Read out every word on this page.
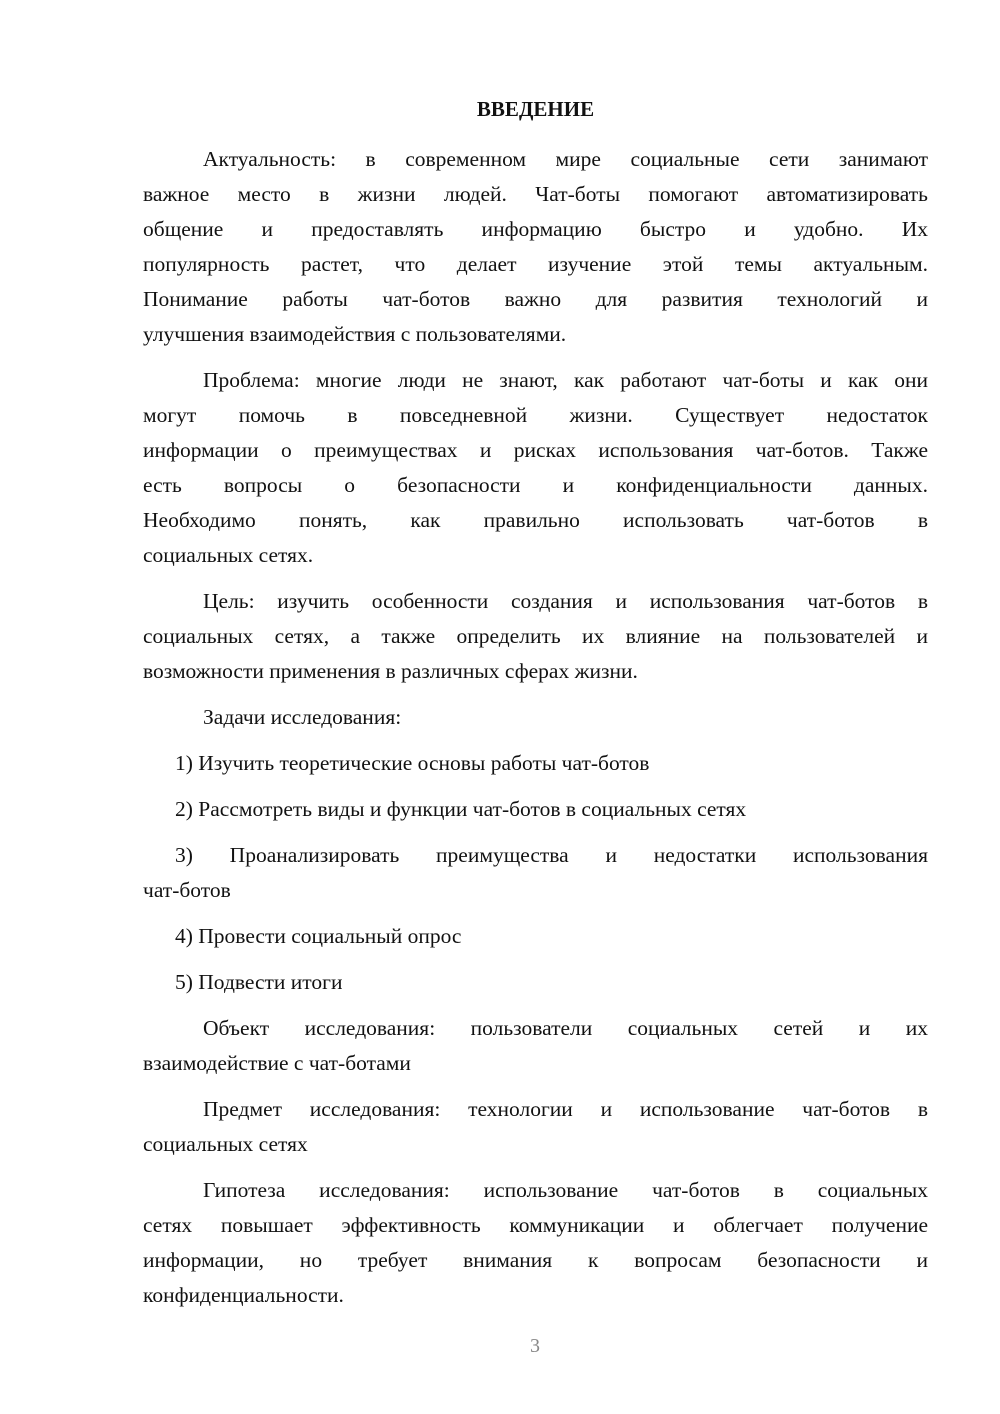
ВВЕДЕНИЕ
Актуальность: в современном мире социальные сети занимают
важное место в жизни людей. Чат-боты помогают автоматизировать
общение и предоставлять информацию быстро и удобно. Их
популярность растет, что делает изучение этой темы актуальным.
Понимание работы чат-ботов важно для развития технологий и
улучшения взаимодействия с пользователями.
Проблема: многие люди не знают, как работают чат-боты и как они
могут помочь в повседневной жизни. Существует недостаток
информации о преимуществах и рисках использования чат-ботов. Также
есть вопросы о безопасности и конфиденциальности данных.
Необходимо понять, как правильно использовать чат-ботов в
социальных сетях.
Цель: изучить особенности создания и использования чат-ботов в
социальных сетях, а также определить их влияние на пользователей и
возможности применения в различных сферах жизни.
Задачи исследования:
1) Изучить теоретические основы работы чат-ботов
2) Рассмотреть виды и функции чат-ботов в социальных сетях
3) Проанализировать преимущества и недостатки использования
чат-ботов
4) Провести социальный опрос
5) Подвести итоги
Объект исследования: пользователи социальных сетей и их
взаимодействие с чат-ботами
Предмет исследования: технологии и использование чат-ботов в
социальных сетях
Гипотеза исследования: использование чат-ботов в социальных
сетях повышает эффективность коммуникации и облегчает получение
информации, но требует внимания к вопросам безопасности и
конфиденциальности.
3
